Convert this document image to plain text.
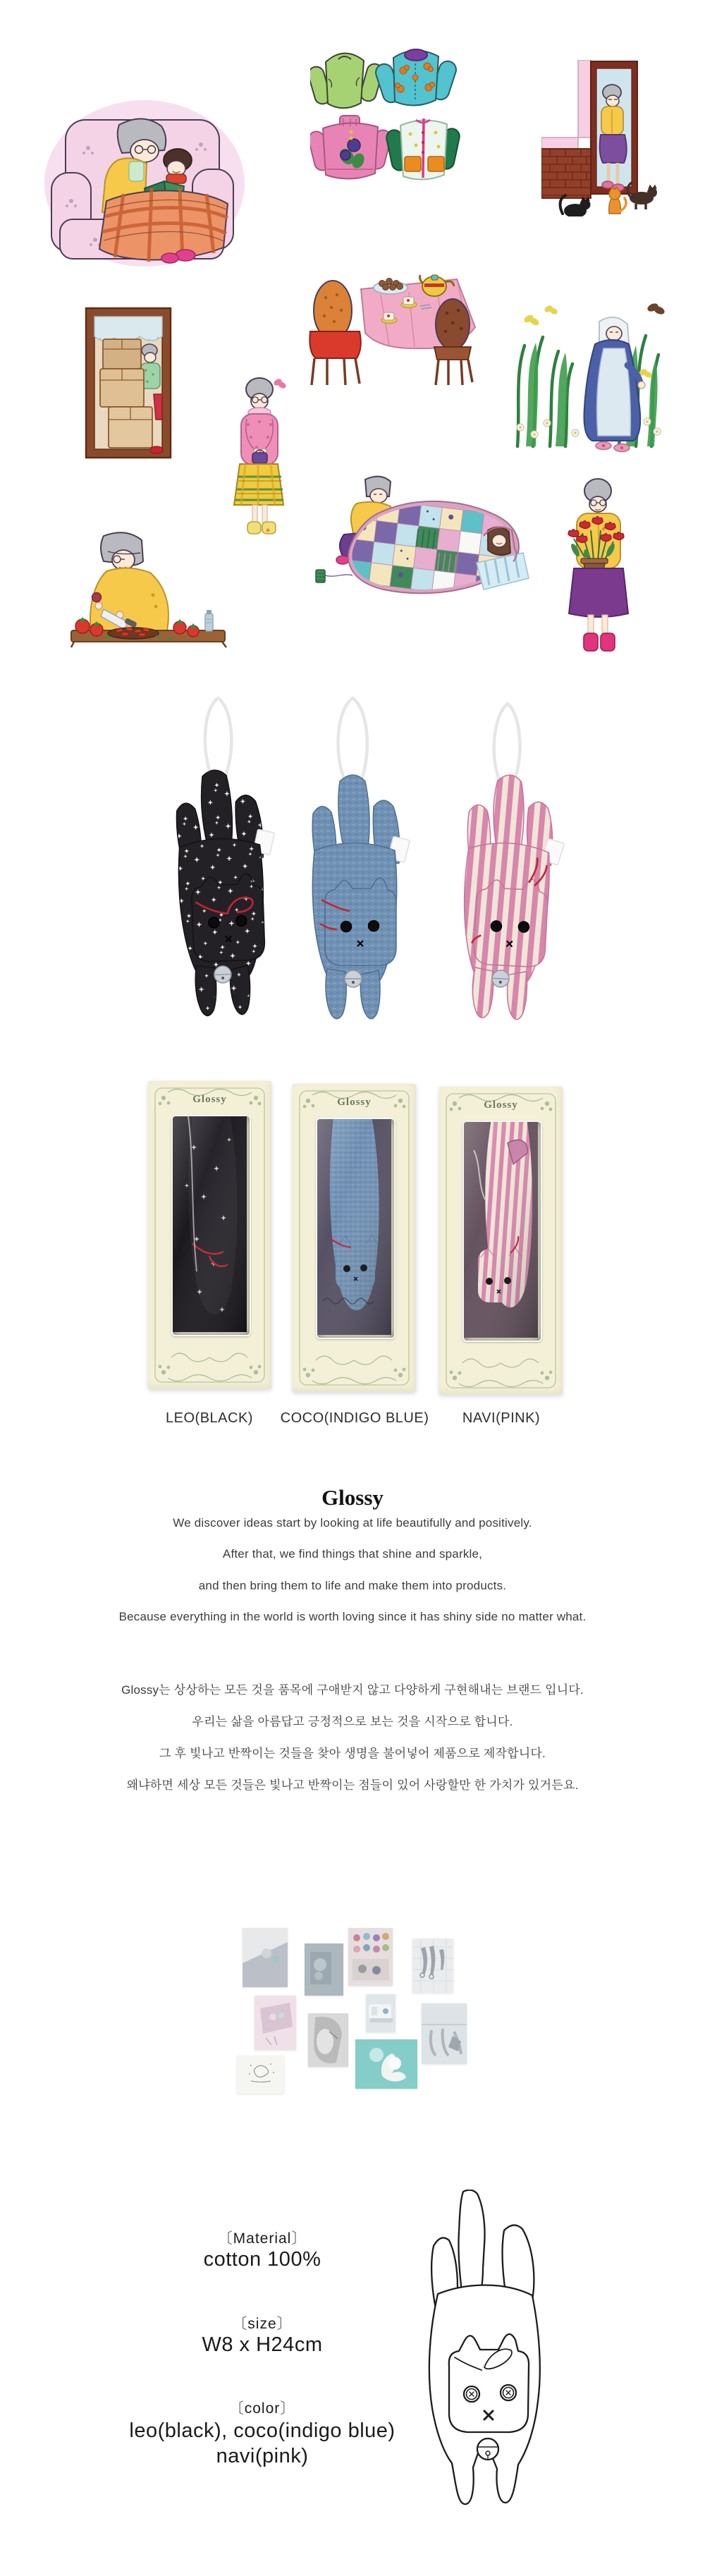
Glossy	Glossy	Glossy
LEO(BLACK) COCO(INDIGO BLUE) NAVI(PINK)
Glossy
We discover ideas start by looking at life beautifully and positively.
After that, we find things that shine and sparkle,
and then bring them to life and make them into products.
Because everything in the world is worth loving since it has shiny side no matter what.
Glossy는 상상하는 모든 것을 품목에 구애받지 않고 다양하게 구현해내는 브랜드 입니다.
우리는 삶을 아름답고 긍정적으로 보는 것을 시작으로 합니다.
그 후 빛나고 반짝이는 것들을 찾아 생명을 불어넣어 제품으로 제작합니다.
왜냐하면 세상 모든 것들은 빛나고 반짝이는 점들이 있어 사랑할만 한 가치가 있거든요.
〔Material〕
cotton 100%
〔size〕
W8 x H24cm
〔color〕
leo(black), coco(indigo blue)
navi(pink)
